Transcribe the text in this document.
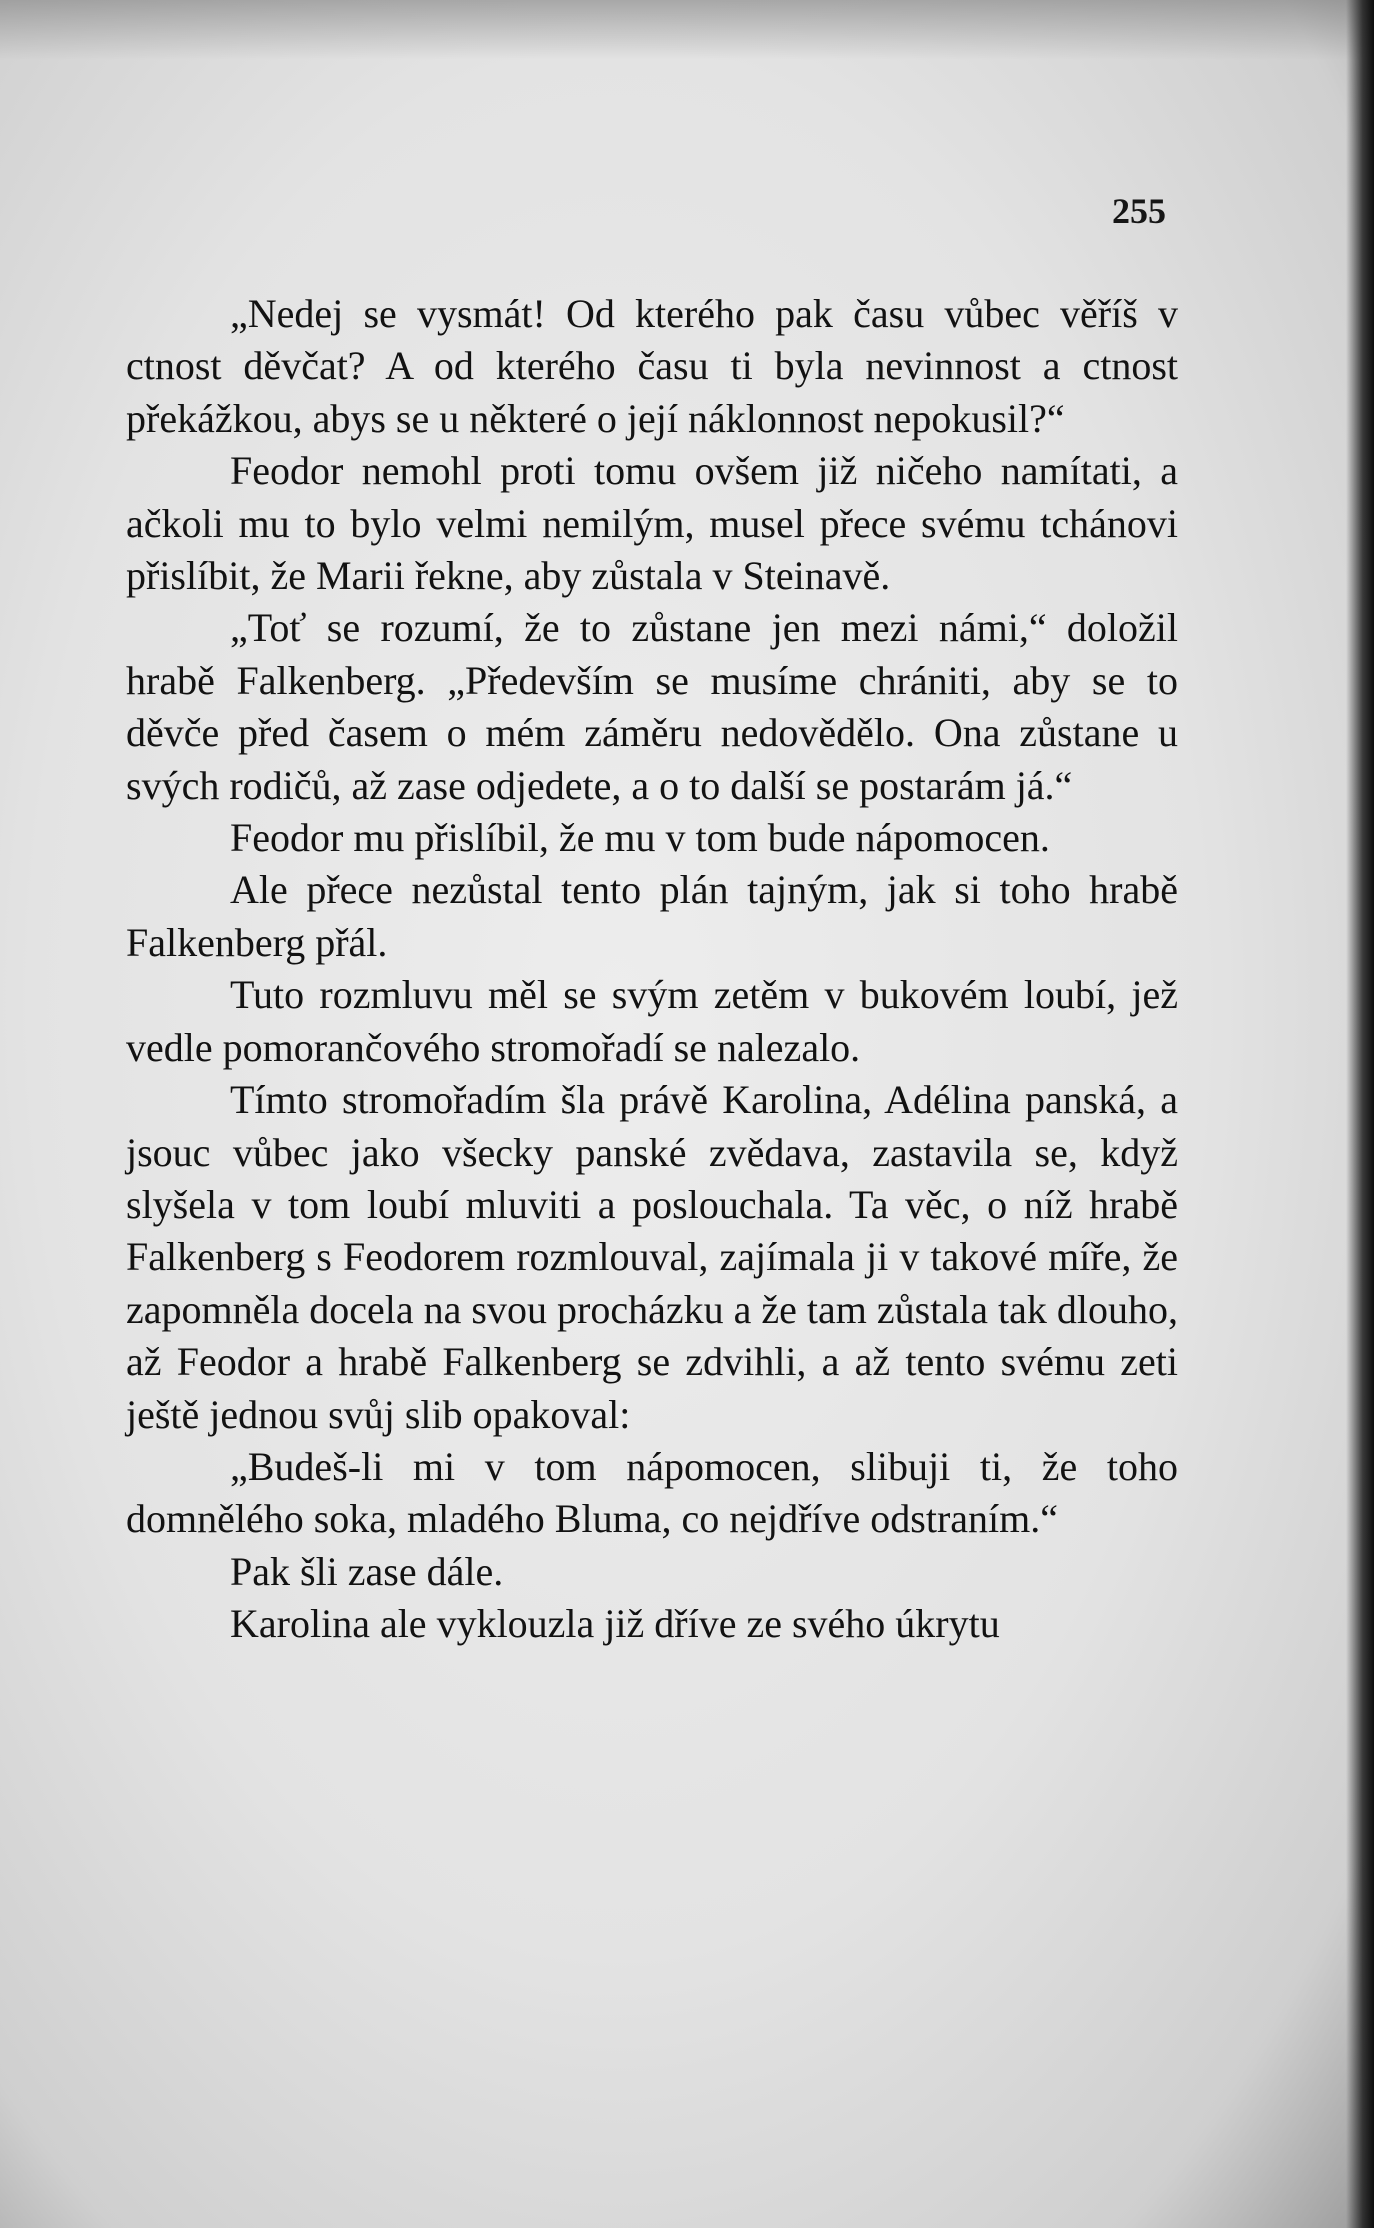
255

„Nedej se vysmát! Od kterého pak času vůbec věříš v ctnost děvčat? A od kterého času ti byla nevinnost a ctnost překážkou, abys se u některé o její náklonnost nepokusil?“

Feodor nemohl proti tomu ovšem již ničeho namítati, a ačkoli mu to bylo velmi nemilým, musel přece svému tchánovi přislíbit, že Marii řekne, aby zůstala v Steinavě.

„Toť se rozumí, že to zůstane jen mezi námi,“ doložil hrabě Falkenberg. „Především se musíme chrániti, aby se to děvče před časem o mém záměru nedovědělo. Ona zůstane u svých rodičů, až zase odjedete, a o to další se postarám já.“

Feodor mu přislíbil, že mu v tom bude nápomocen.

Ale přece nezůstal tento plán tajným, jak si toho hrabě Falkenberg přál.

Tuto rozmluvu měl se svým zetěm v bukovém loubí, jež vedle pomorančového stromořadí se nalezalo.

Tímto stromořadím šla právě Karolina, Adélina panská, a jsouc vůbec jako všecky panské zvědava, zastavila se, když slyšela v tom loubí mluviti a poslouchala. Ta věc, o níž hrabě Falkenberg s Feodorem rozmlouval, zajímala ji v takové míře, že zapomněla docela na svou procházku a že tam zůstala tak dlouho, až Feodor a hrabě Falkenberg se zdvihli, a až tento svému zeti ještě jednou svůj slib opakoval:

„Budeš-li mi v tom nápomocen, slibuji ti, že toho domnělého soka, mladého Bluma, co nejdříve odstraním.“

Pak šli zase dále.

Karolina ale vyklouzla již dříve ze svého úkrytu
